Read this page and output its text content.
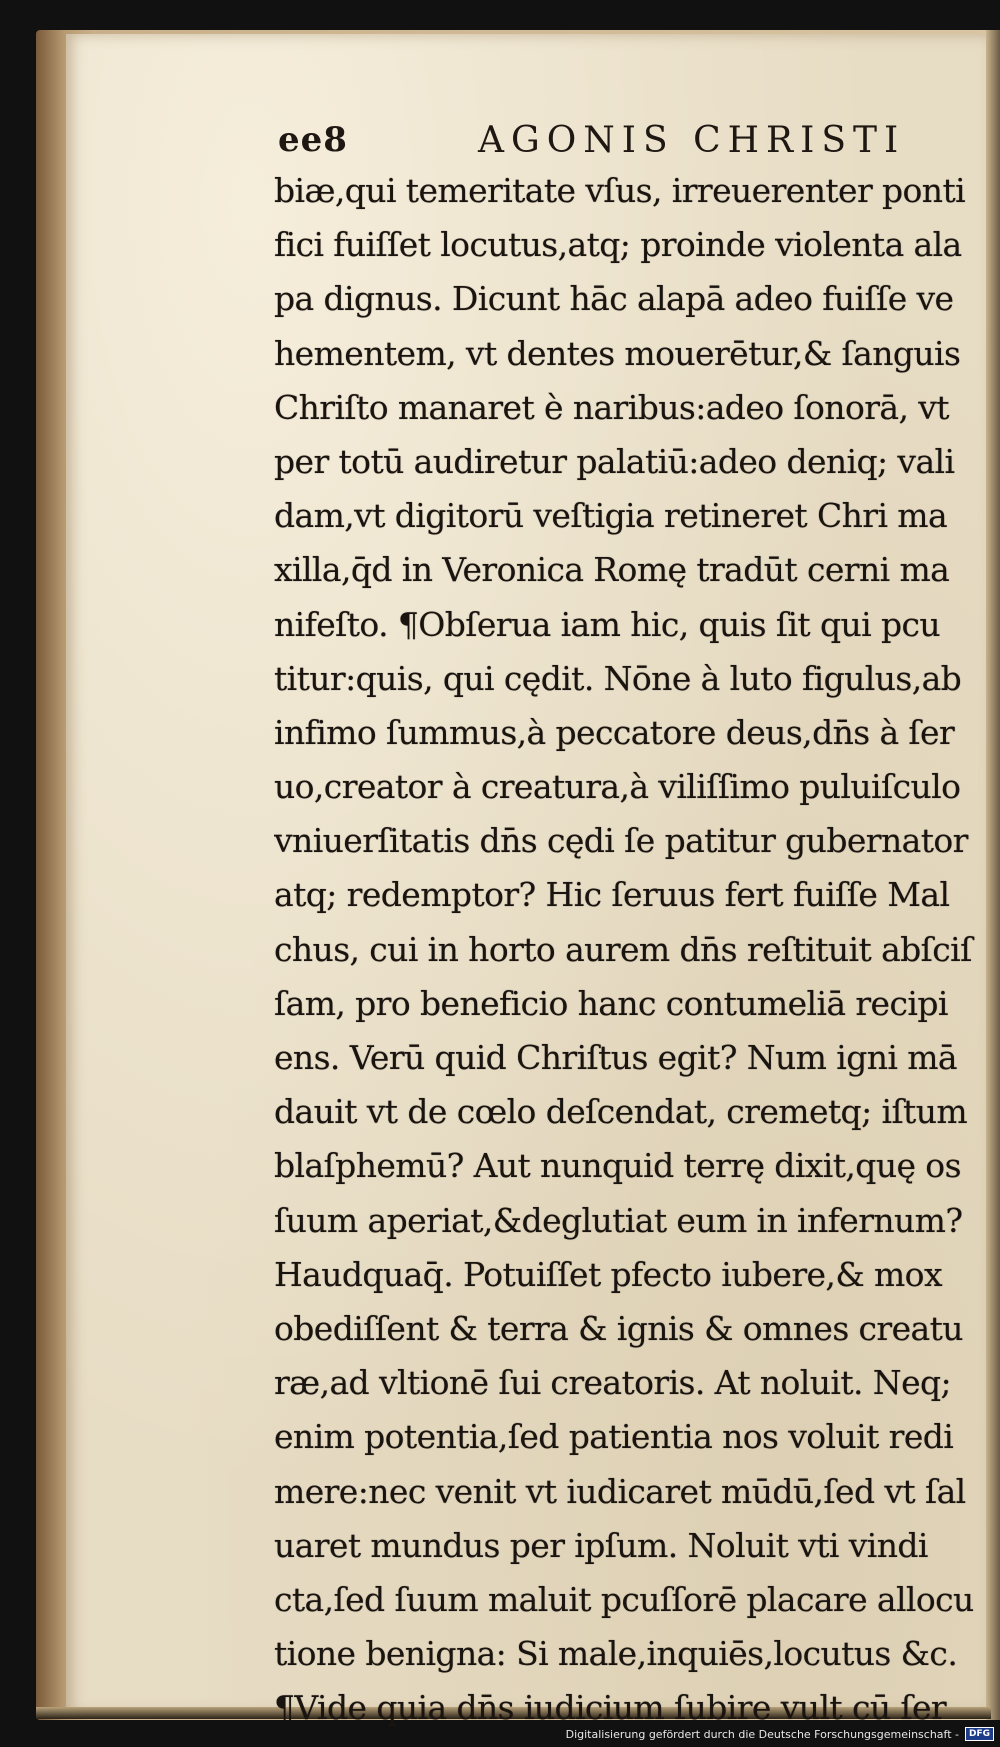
ee8	AGONIS CHRISTI
biæ,qui temeritate vſus, irreuerenter ponti
fici fuiſſet locutus,atq; proinde violenta ala
pa dignus. Dicunt hāc alapā adeo fuiſſe ve
hementem, vt dentes mouerētur,& ſanguis
Chriſto manaret è naribus:adeo ſonorā, vt
per totū audiretur palatiū:adeo deniq; vali
dam,vt digitorū veſtigia retineret Chri ma
xilla,q̄d in Veronica Romę tradūt cerni ma
nifeſto. ¶Obſerua iam hic, quis ſit qui pcu
titur:quis, qui cędit. Nōne à luto figulus,ab
infimo ſummus,à peccatore deus,dn̄s à ſer
uo,creator à creatura,à viliſſimo puluiſculo
vniuerſitatis dn̄s cędi ſe patitur gubernator
atq; redemptor? Hic ſeruus fert fuiſſe Mal
chus, cui in horto aurem dn̄s reſtituit abſciſ
ſam, pro beneficio hanc contumeliā recipi
ens. Verū quid Chriſtus egit? Num igni mā
dauit vt de cœlo deſcendat, cremetq; iſtum
blaſphemū? Aut nunquid terrę dixit,quę os
ſuum aperiat,&deglutiat eum in infernum?
Haudquaq̄. Potuiſſet pfecto iubere,& mox
obediſſent & terra & ignis & omnes creatu
ræ,ad vltionē ſui creatoris. At noluit. Neq;
enim potentia,ſed patientia nos voluit redi
mere:nec venit vt iudicaret mūdū,ſed vt ſal
uaret mundus per ipſum. Noluit vti vindi
cta,ſed ſuum maluit pcuſſorē placare allocu
tione benigna: Si male,inquiēs,locutus &c.
¶Vide quia dn̄s iudicium ſubire vult cū ſer
Digitalisierung gefördert durch die Deutsche Forschungsgemeinschaft -	DFG
